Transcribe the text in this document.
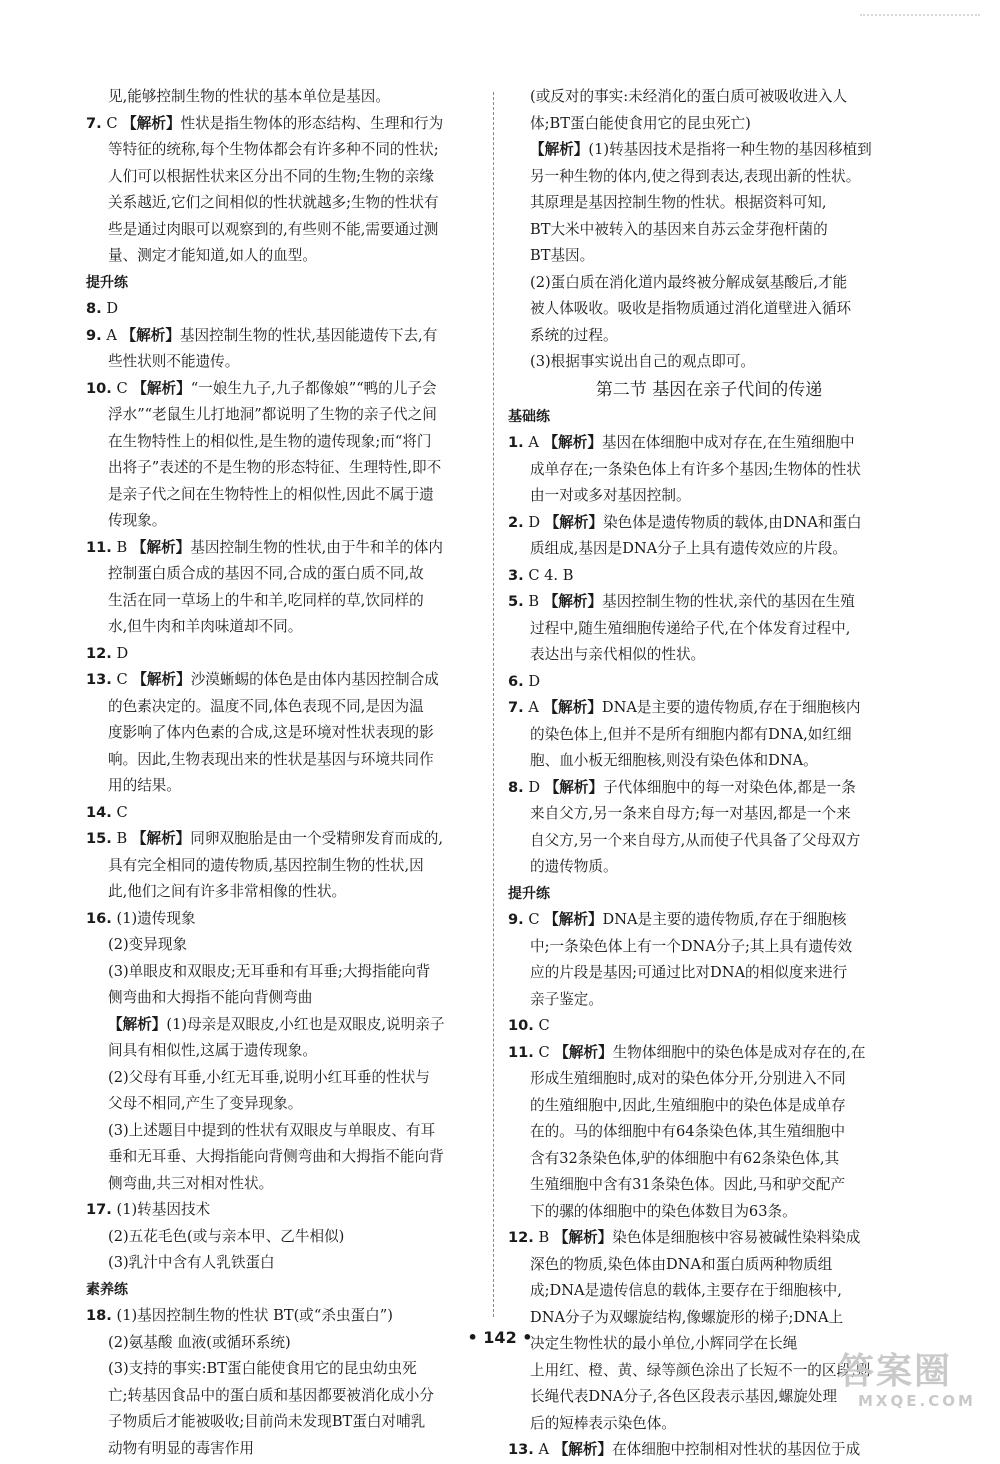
见,能够控制生物的性状的基本单位是基因。
7. C 【解析】性状是指生物体的形态结构、生理和行为
等特征的统称,每个生物体都会有许多种不同的性状;
人们可以根据性状来区分出不同的生物;生物的亲缘
关系越近,它们之间相似的性状就越多;生物的性状有
些是通过肉眼可以观察到的,有些则不能,需要通过测
量、测定才能知道,如人的血型。
提升练
8. D
9. A 【解析】基因控制生物的性状,基因能遗传下去,有
些性状则不能遗传。
10. C 【解析】“一娘生九子,九子都像娘”“鸭的儿子会
浮水”“老鼠生儿打地洞”都说明了生物的亲子代之间
在生物特性上的相似性,是生物的遗传现象;而“将门
出将子”表述的不是生物的形态特征、生理特性,即不
是亲子代之间在生物特性上的相似性,因此不属于遗
传现象。
11. B 【解析】基因控制生物的性状,由于牛和羊的体内
控制蛋白质合成的基因不同,合成的蛋白质不同,故
生活在同一草场上的牛和羊,吃同样的草,饮同样的
水,但牛肉和羊肉味道却不同。
12. D
13. C 【解析】沙漠蜥蜴的体色是由体内基因控制合成
的色素决定的。温度不同,体色表现不同,是因为温
度影响了体内色素的合成,这是环境对性状表现的影
响。因此,生物表现出来的性状是基因与环境共同作
用的结果。
14. C
15. B 【解析】同卵双胞胎是由一个受精卵发育而成的,
具有完全相同的遗传物质,基因控制生物的性状,因
此,他们之间有许多非常相像的性状。
16. (1)遗传现象
(2)变异现象
(3)单眼皮和双眼皮;无耳垂和有耳垂;大拇指能向背
侧弯曲和大拇指不能向背侧弯曲
【解析】(1)母亲是双眼皮,小红也是双眼皮,说明亲子
间具有相似性,这属于遗传现象。
(2)父母有耳垂,小红无耳垂,说明小红耳垂的性状与
父母不相同,产生了变异现象。
(3)上述题目中提到的性状有双眼皮与单眼皮、有耳
垂和无耳垂、大拇指能向背侧弯曲和大拇指不能向背
侧弯曲,共三对相对性状。
17. (1)转基因技术
(2)五花毛色(或与亲本甲、乙牛相似)
(3)乳汁中含有人乳铁蛋白
素养练
18. (1)基因控制生物的性状 BT(或“杀虫蛋白”)
(2)氨基酸 血液(或循环系统)
(3)支持的事实:BT蛋白能使食用它的昆虫幼虫死
亡;转基因食品中的蛋白质和基因都要被消化成小分
子物质后才能被吸收;目前尚未发现BT蛋白对哺乳
动物有明显的毒害作用
(或反对的事实:未经消化的蛋白质可被吸收进入人
体;BT蛋白能使食用它的昆虫死亡)
【解析】(1)转基因技术是指将一种生物的基因移植到
另一种生物的体内,使之得到表达,表现出新的性状。
其原理是基因控制生物的性状。根据资料可知,
BT大米中被转入的基因来自苏云金芽孢杆菌的
BT基因。
(2)蛋白质在消化道内最终被分解成氨基酸后,才能
被人体吸收。吸收是指物质通过消化道壁进入循环
系统的过程。
(3)根据事实说出自己的观点即可。
第二节 基因在亲子代间的传递
基础练
1. A 【解析】基因在体细胞中成对存在,在生殖细胞中
成单存在;一条染色体上有许多个基因;生物体的性状
由一对或多对基因控制。
2. D 【解析】染色体是遗传物质的载体,由DNA和蛋白
质组成,基因是DNA分子上具有遗传效应的片段。
3. C 4. B
5. B 【解析】基因控制生物的性状,亲代的基因在生殖
过程中,随生殖细胞传递给子代,在个体发育过程中,
表达出与亲代相似的性状。
6. D
7. A 【解析】DNA是主要的遗传物质,存在于细胞核内
的染色体上,但并不是所有细胞内都有DNA,如红细
胞、血小板无细胞核,则没有染色体和DNA。
8. D 【解析】子代体细胞中的每一对染色体,都是一条
来自父方,另一条来自母方;每一对基因,都是一个来
自父方,另一个来自母方,从而使子代具备了父母双方
的遗传物质。
提升练
9. C 【解析】DNA是主要的遗传物质,存在于细胞核
中;一条染色体上有一个DNA分子;其上具有遗传效
应的片段是基因;可通过比对DNA的相似度来进行
亲子鉴定。
10. C
11. C 【解析】生物体细胞中的染色体是成对存在的,在
形成生殖细胞时,成对的染色体分开,分别进入不同
的生殖细胞中,因此,生殖细胞中的染色体是成单存
在的。马的体细胞中有64条染色体,其生殖细胞中
含有32条染色体,驴的体细胞中有62条染色体,其
生殖细胞中含有31条染色体。因此,马和驴交配产
下的骡的体细胞中的染色体数目为63条。
12. B 【解析】染色体是细胞核中容易被碱性染料染成
深色的物质,染色体由DNA和蛋白质两种物质组
成;DNA是遗传信息的载体,主要存在于细胞核中,
DNA分子为双螺旋结构,像螺旋形的梯子;DNA上
决定生物性状的最小单位,小辉同学在长绳
上用红、橙、黄、绿等颜色涂出了长短不一的区段,则
长绳代表DNA分子,各色区段表示基因,螺旋处理
后的短棒表示染色体。
13. A 【解析】在体细胞中控制相对性状的基因位于成
• 142 •
答案圈
MXQE.COM
